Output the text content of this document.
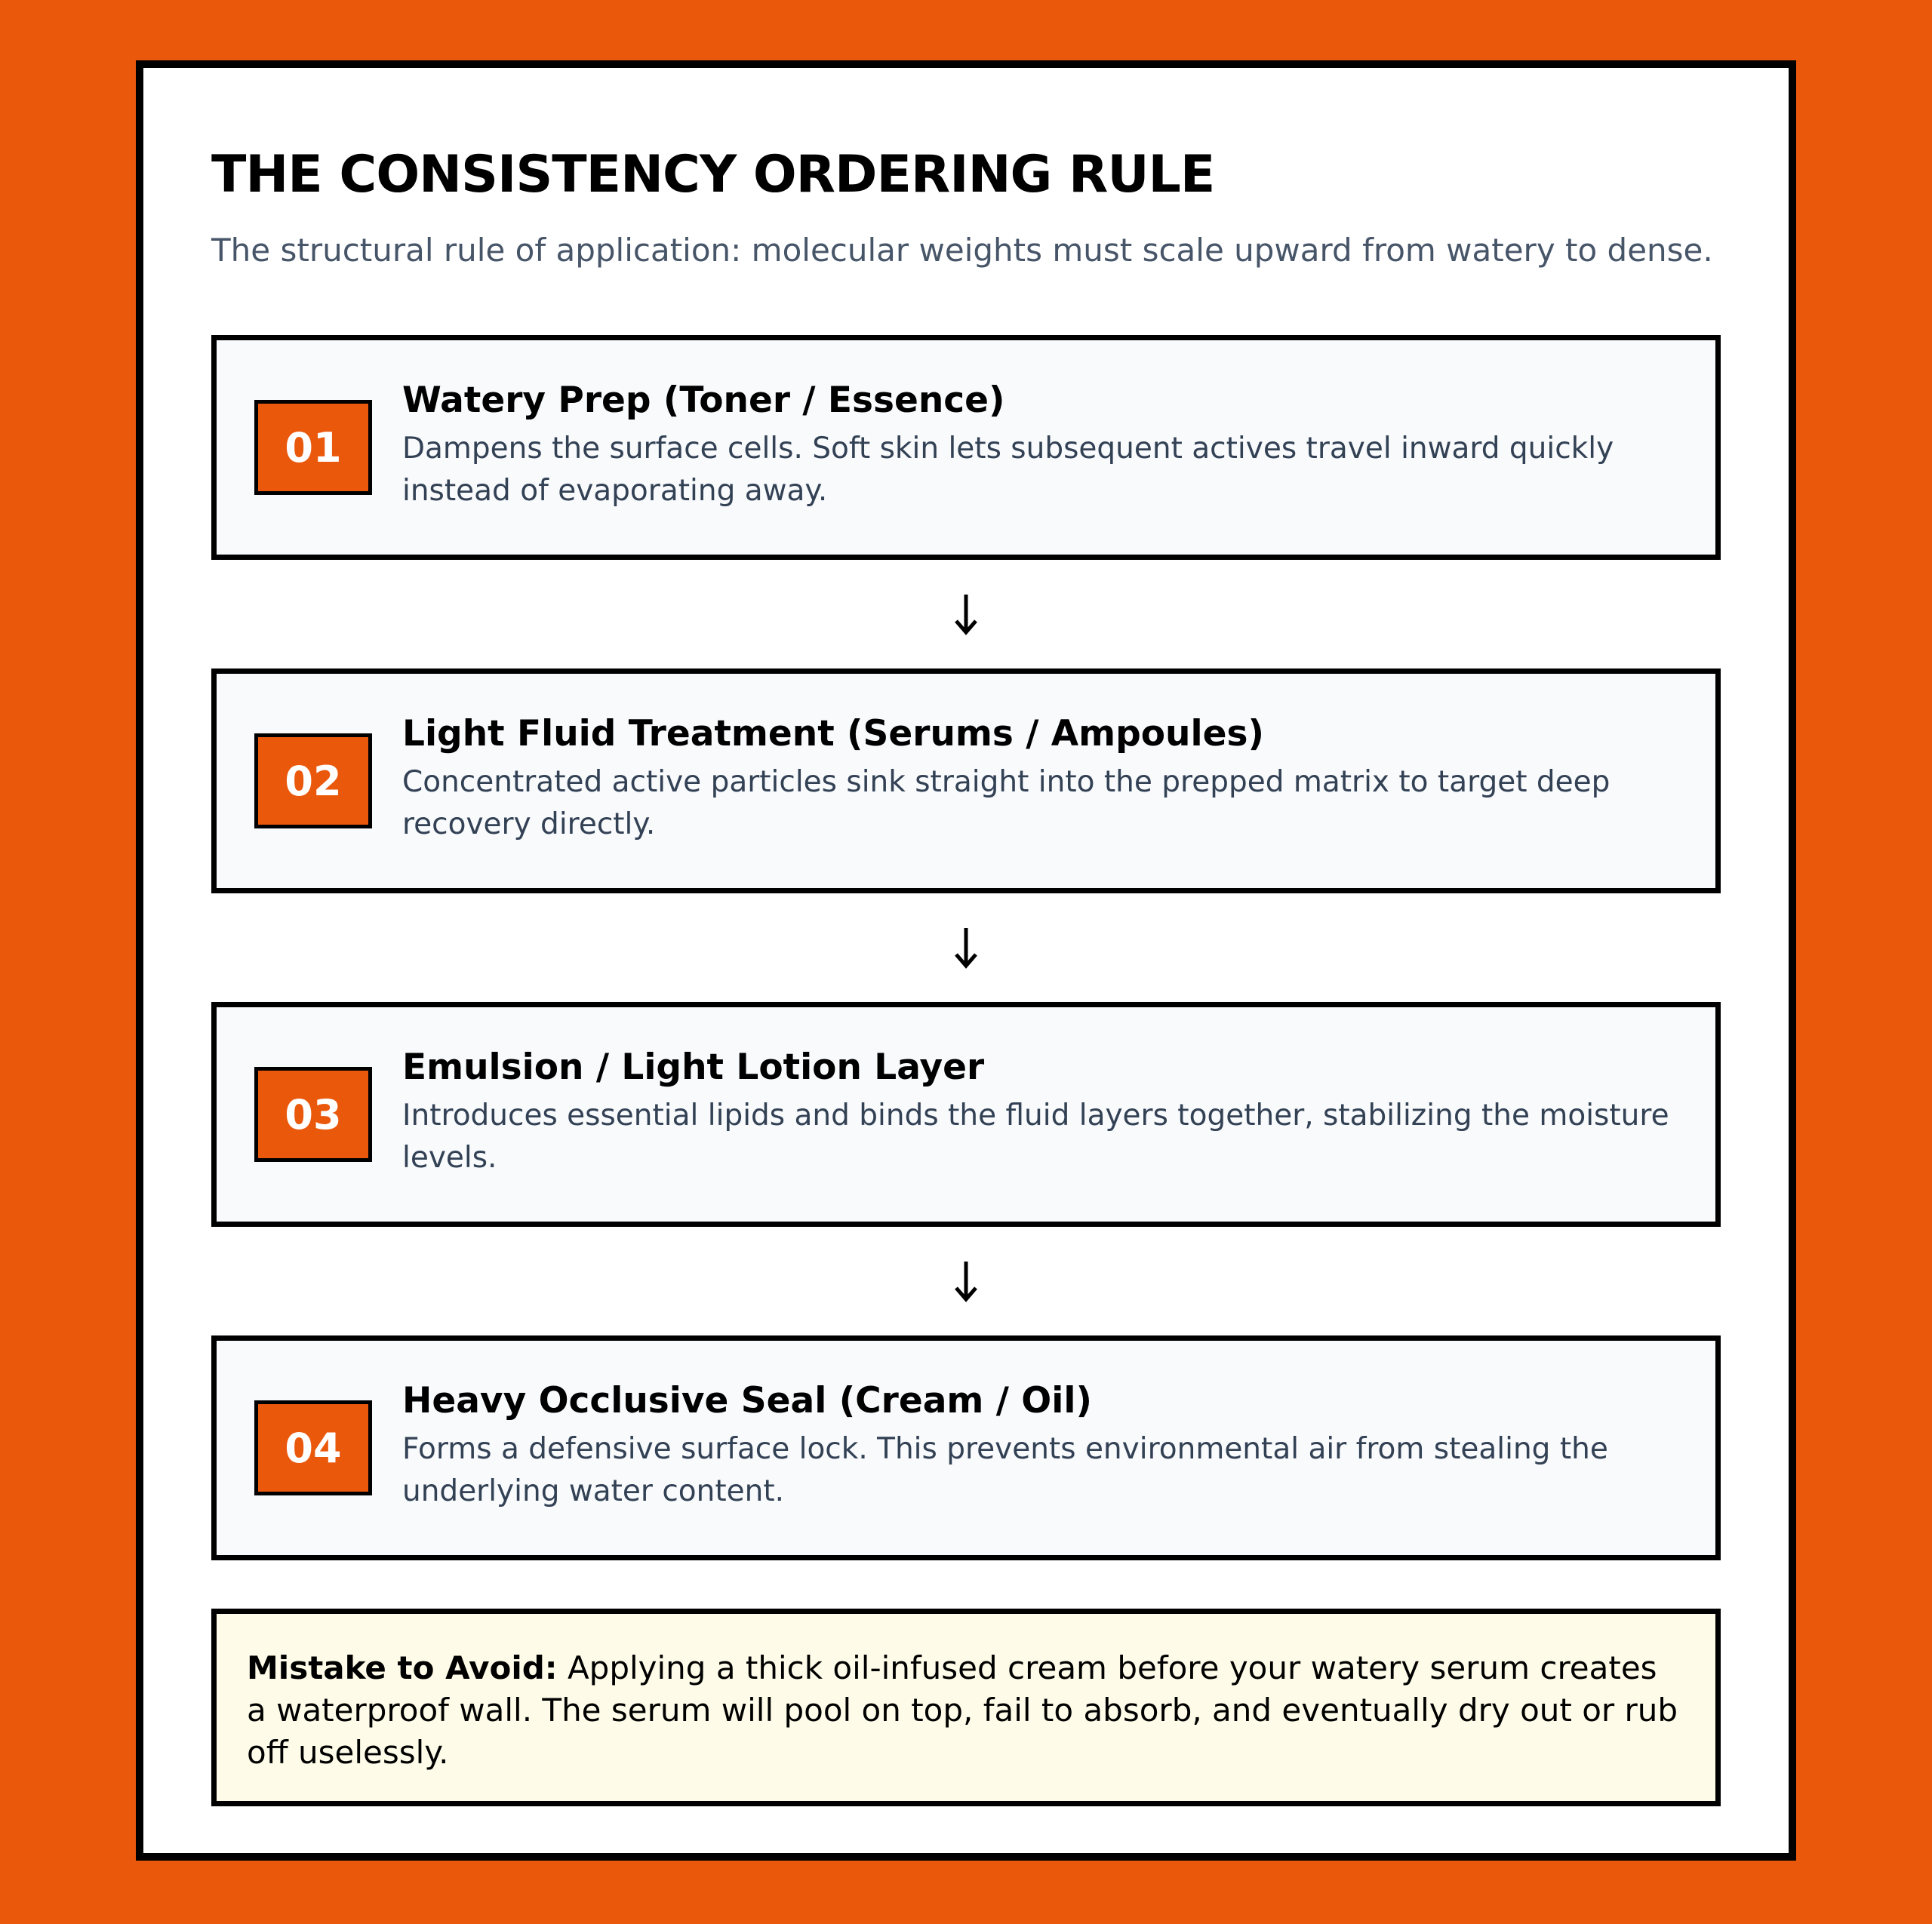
THE CONSISTENCY ORDERING RULE

The structural rule of application: molecular weights must scale upward from watery to dense.

01
Watery Prep (Toner / Essence)
Dampens the surface cells. Soft skin lets subsequent actives travel inward quickly instead of evaporating away.
02
Light Fluid Treatment (Serums / Ampoules)
Concentrated active particles sink straight into the prepped matrix to target deep recovery directly.
03
Emulsion / Light Lotion Layer
Introduces essential lipids and binds the fluid layers together, stabilizing the moisture levels.
04
Heavy Occlusive Seal (Cream / Oil)
Forms a defensive surface lock. This prevents environmental air from stealing the underlying water content.
Mistake to Avoid: Applying a thick oil-infused cream before your watery serum creates a waterproof wall. The serum will pool on top, fail to absorb, and eventually dry out or rub off uselessly.
